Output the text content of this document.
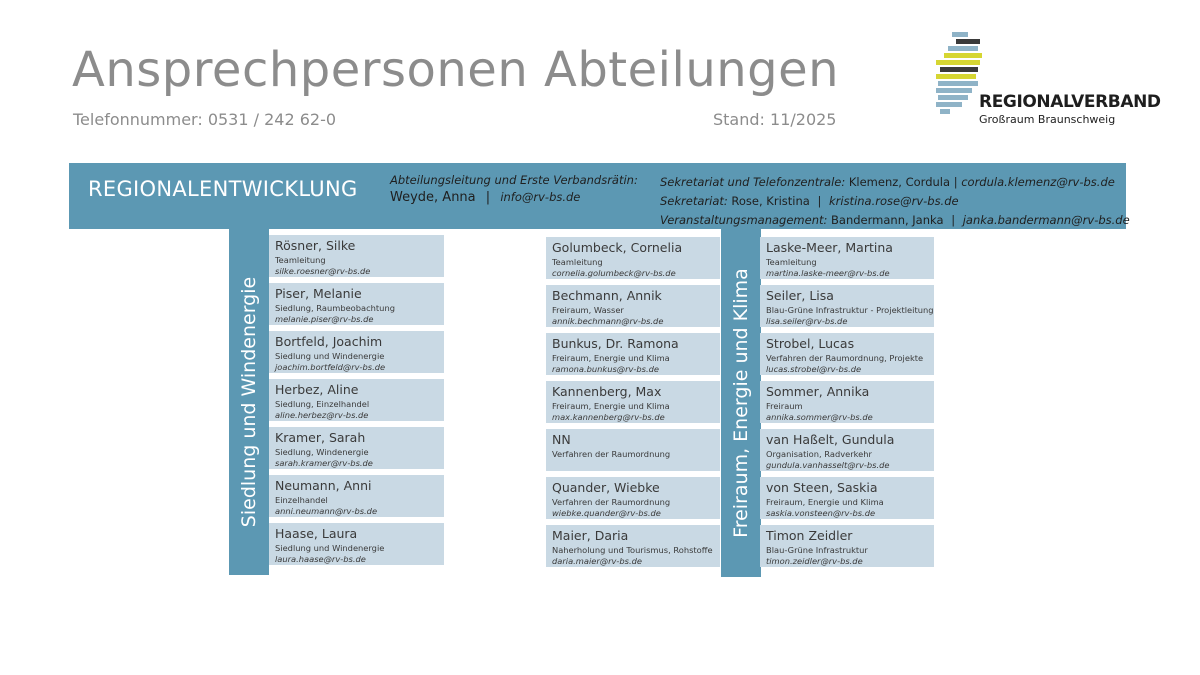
Ansprechpersonen Abteilungen
Telefonnummer: 0531 / 242 62-0	Stand: 11/2025
REGIONALVERBAND
Großraum Braunschweig
REGIONALENTWICKLUNG	Abteilungsleitung und Erste Verbandsrätin:
Weyde, Anna | info@rv-bs.de
Sekretariat und Telefonzentrale: Klemenz, Cordula | cordula.klemenz@rv-bs.de
Sekretariat: Rose, Kristina | kristina.rose@rv-bs.de
Veranstaltungsmanagement: Bandermann, Janka | janka.bandermann@rv-bs.de
Siedlung und Windenergie	Freiraum, Energie und Klima
Rösner, Silke
Teamleitung
silke.roesner@rv-bs.de
Piser, Melanie
Siedlung, Raumbeobachtung
melanie.piser@rv-bs.de
Bortfeld, Joachim
Siedlung und Windenergie
joachim.bortfeld@rv-bs.de
Herbez, Aline
Siedlung, Einzelhandel
aline.herbez@rv-bs.de
Kramer, Sarah
Siedlung, Windenergie
sarah.kramer@rv-bs.de
Neumann, Anni
Einzelhandel
anni.neumann@rv-bs.de
Haase, Laura
Siedlung und Windenergie
laura.haase@rv-bs.de
Golumbeck, Cornelia
Teamleitung
cornelia.golumbeck@rv-bs.de
Bechmann, Annik
Freiraum, Wasser
annik.bechmann@rv-bs.de
Bunkus, Dr. Ramona
Freiraum, Energie und Klima
ramona.bunkus@rv-bs.de
Kannenberg, Max
Freiraum, Energie und Klima
max.kannenberg@rv-bs.de
NN
Verfahren der Raumordnung
Quander, Wiebke
Verfahren der Raumordnung
wiebke.quander@rv-bs.de
Maier, Daria
Naherholung und Tourismus, Rohstoffe
daria.maier@rv-bs.de
Laske-Meer, Martina
Teamleitung
martina.laske-meer@rv-bs.de
Seiler, Lisa
Blau-Grüne Infrastruktur - Projektleitung
lisa.seiler@rv-bs.de
Strobel, Lucas
Verfahren der Raumordnung, Projekte
lucas.strobel@rv-bs.de
Sommer, Annika
Freiraum
annika.sommer@rv-bs.de
van Haßelt, Gundula
Organisation, Radverkehr
gundula.vanhasselt@rv-bs.de
von Steen, Saskia
Freiraum, Energie und Klima
saskia.vonsteen@rv-bs.de
Timon Zeidler
Blau-Grüne Infrastruktur
timon.zeidler@rv-bs.de
